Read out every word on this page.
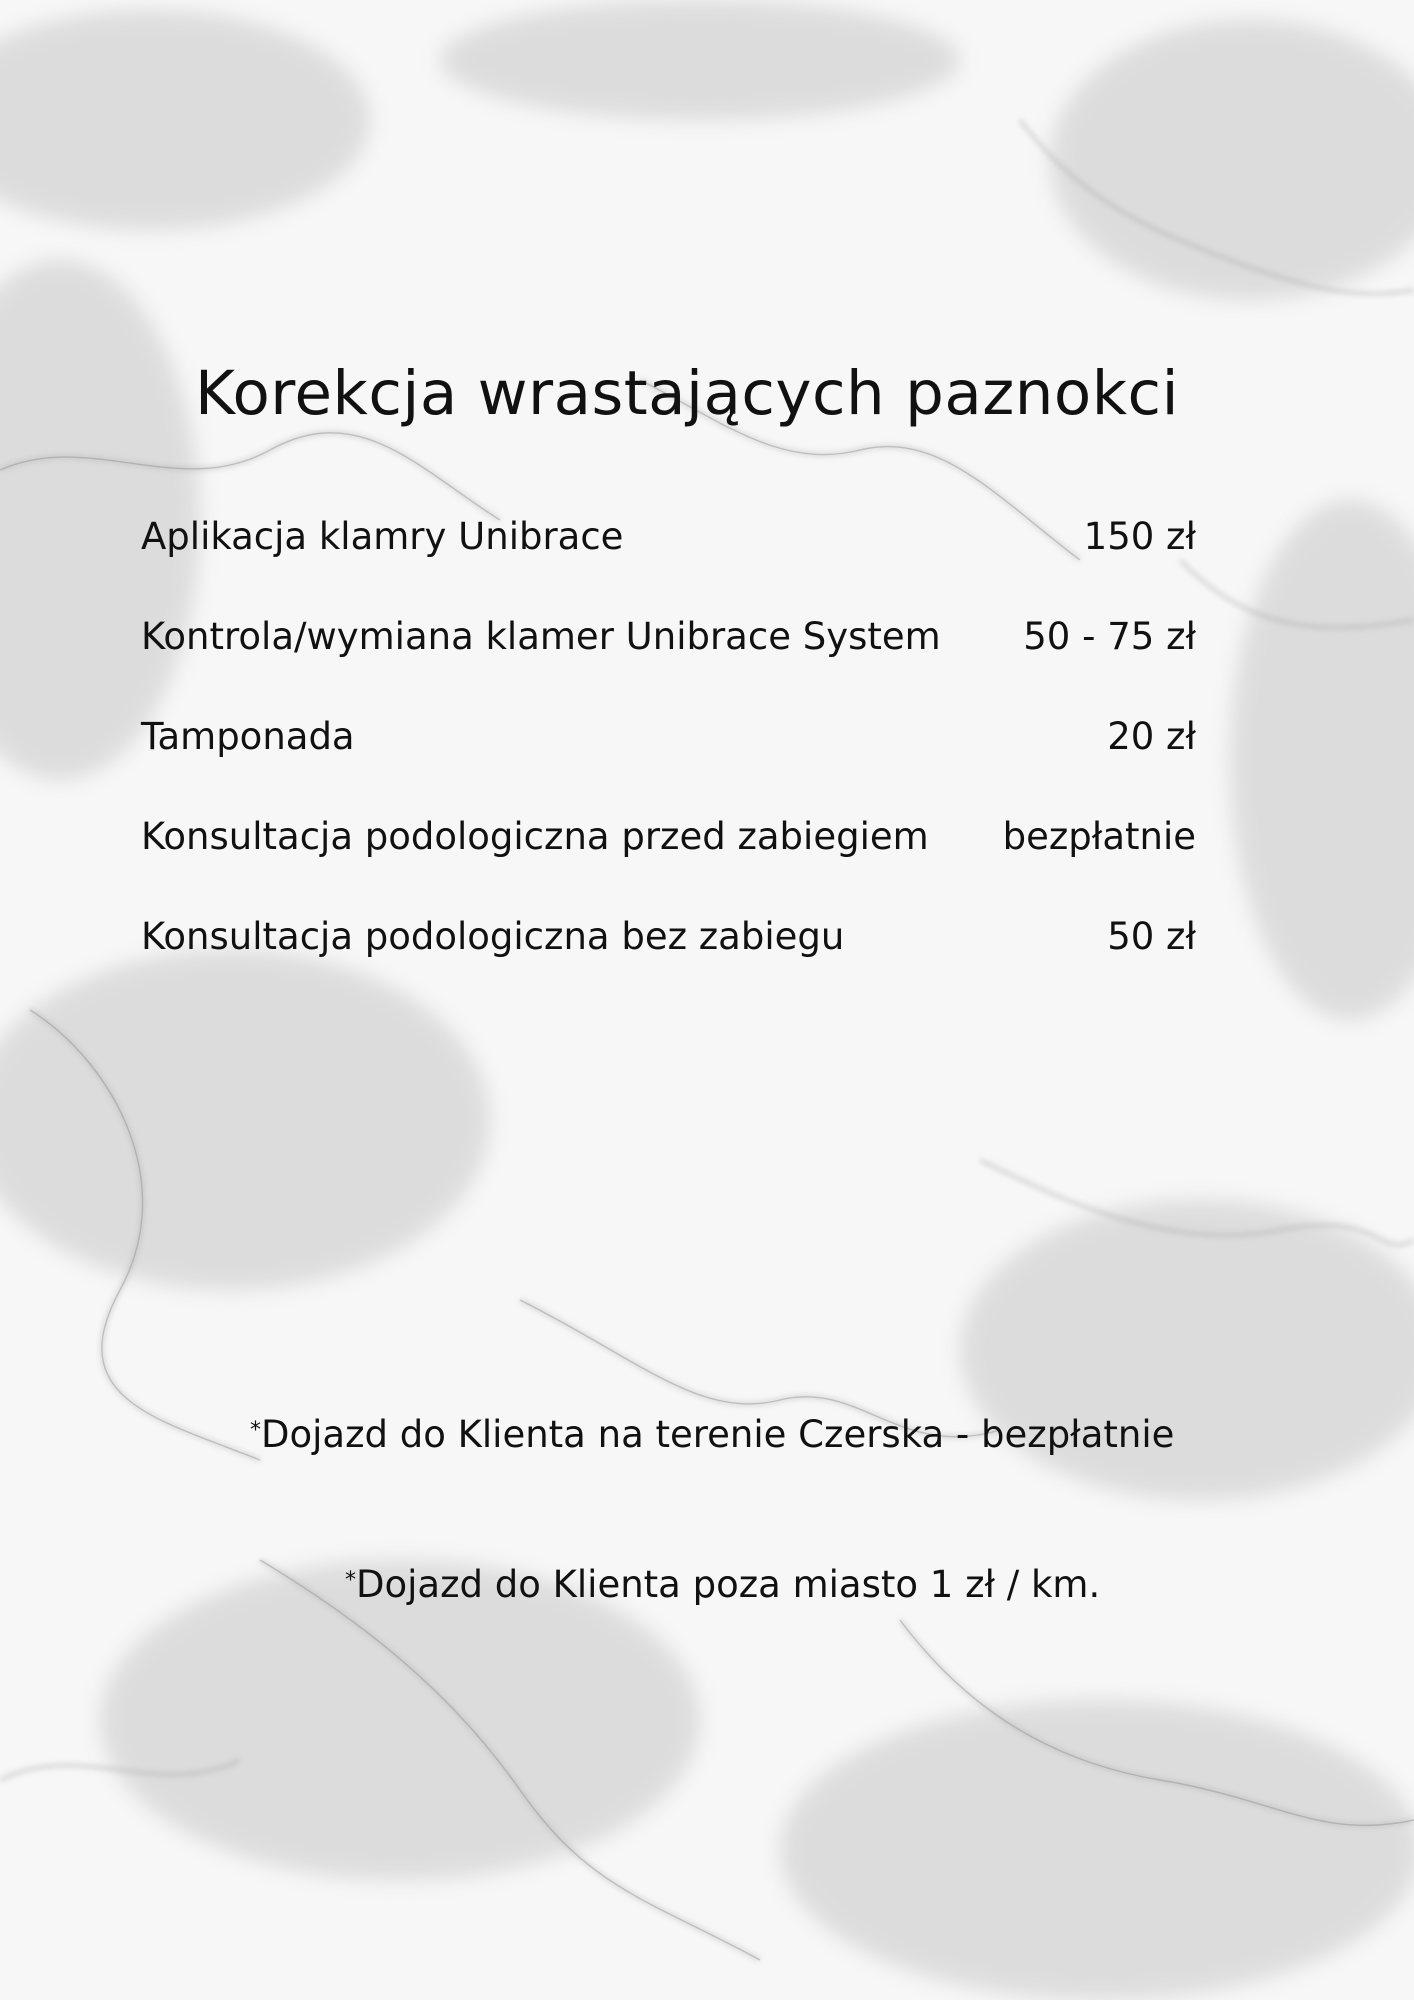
Korekcja wrastających paznokci
Aplikacja klamry Unibrace	150 zł
Kontrola/wymiana klamer Unibrace System 50 - 75 zł
Tamponada	20 zł
Konsultacja podologiczna przed zabiegiem bezpłatnie
Konsultacja podologiczna bez zabiegu	50 zł
*Dojazd do Klienta na terenie Czerska - bezpłatnie
*Dojazd do Klienta poza miasto 1 zł / km.
